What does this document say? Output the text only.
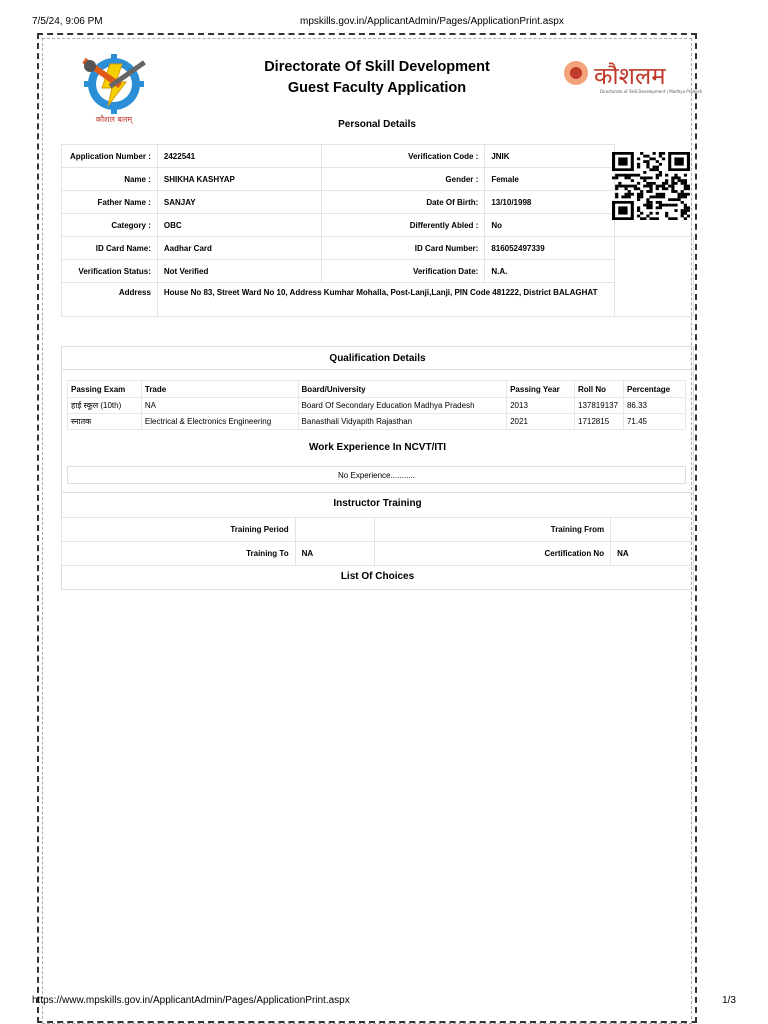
7/5/24, 9:06 PM	mpskills.gov.in/ApplicantAdmin/Pages/ApplicationPrint.aspx
कौशल बलम्
कौशलम
Directorate of Skill Development | Madhya Pradesh
Directorate Of Skill Development
Guest Faculty Application
Personal Details
Application Number :	2422541	Verification Code :	JNIK	
Name :	SHIKHA KASHYAP	Gender :	Female	
Father Name :	SANJAY	Date Of Birth:	13/10/1998	
Category :	OBC	Differently Abled :	No	
ID Card Name:	Aadhar Card	ID Card Number:	816052497339	
Verification Status:	Not Verified	Verification Date:	N.A.	
Address	House No 83, Street Ward No 10, Address Kumhar Mohalla, Post-Lanji,Lanji, PIN Code 481222, District BALAGHAT			
Qualification Details
Passing Exam	Trade	Board/University	Passing Year	Roll No	Percentage
हाई स्कूल (10th)	NA	Board Of Secondary Education Madhya Pradesh	2013	137819137	86.33
स्नातक	Electrical & Electronics Engineering	Banasthali Vidyapith Rajasthan	2021	1712815	71.45
Work Experience In NCVT/ITI
No Experience...........
Instructor Training
Training Period		Training From	
Training To	NA	Certification No	NA
List Of Choices
https://www.mpskills.gov.in/ApplicantAdmin/Pages/ApplicationPrint.aspx	1/3
